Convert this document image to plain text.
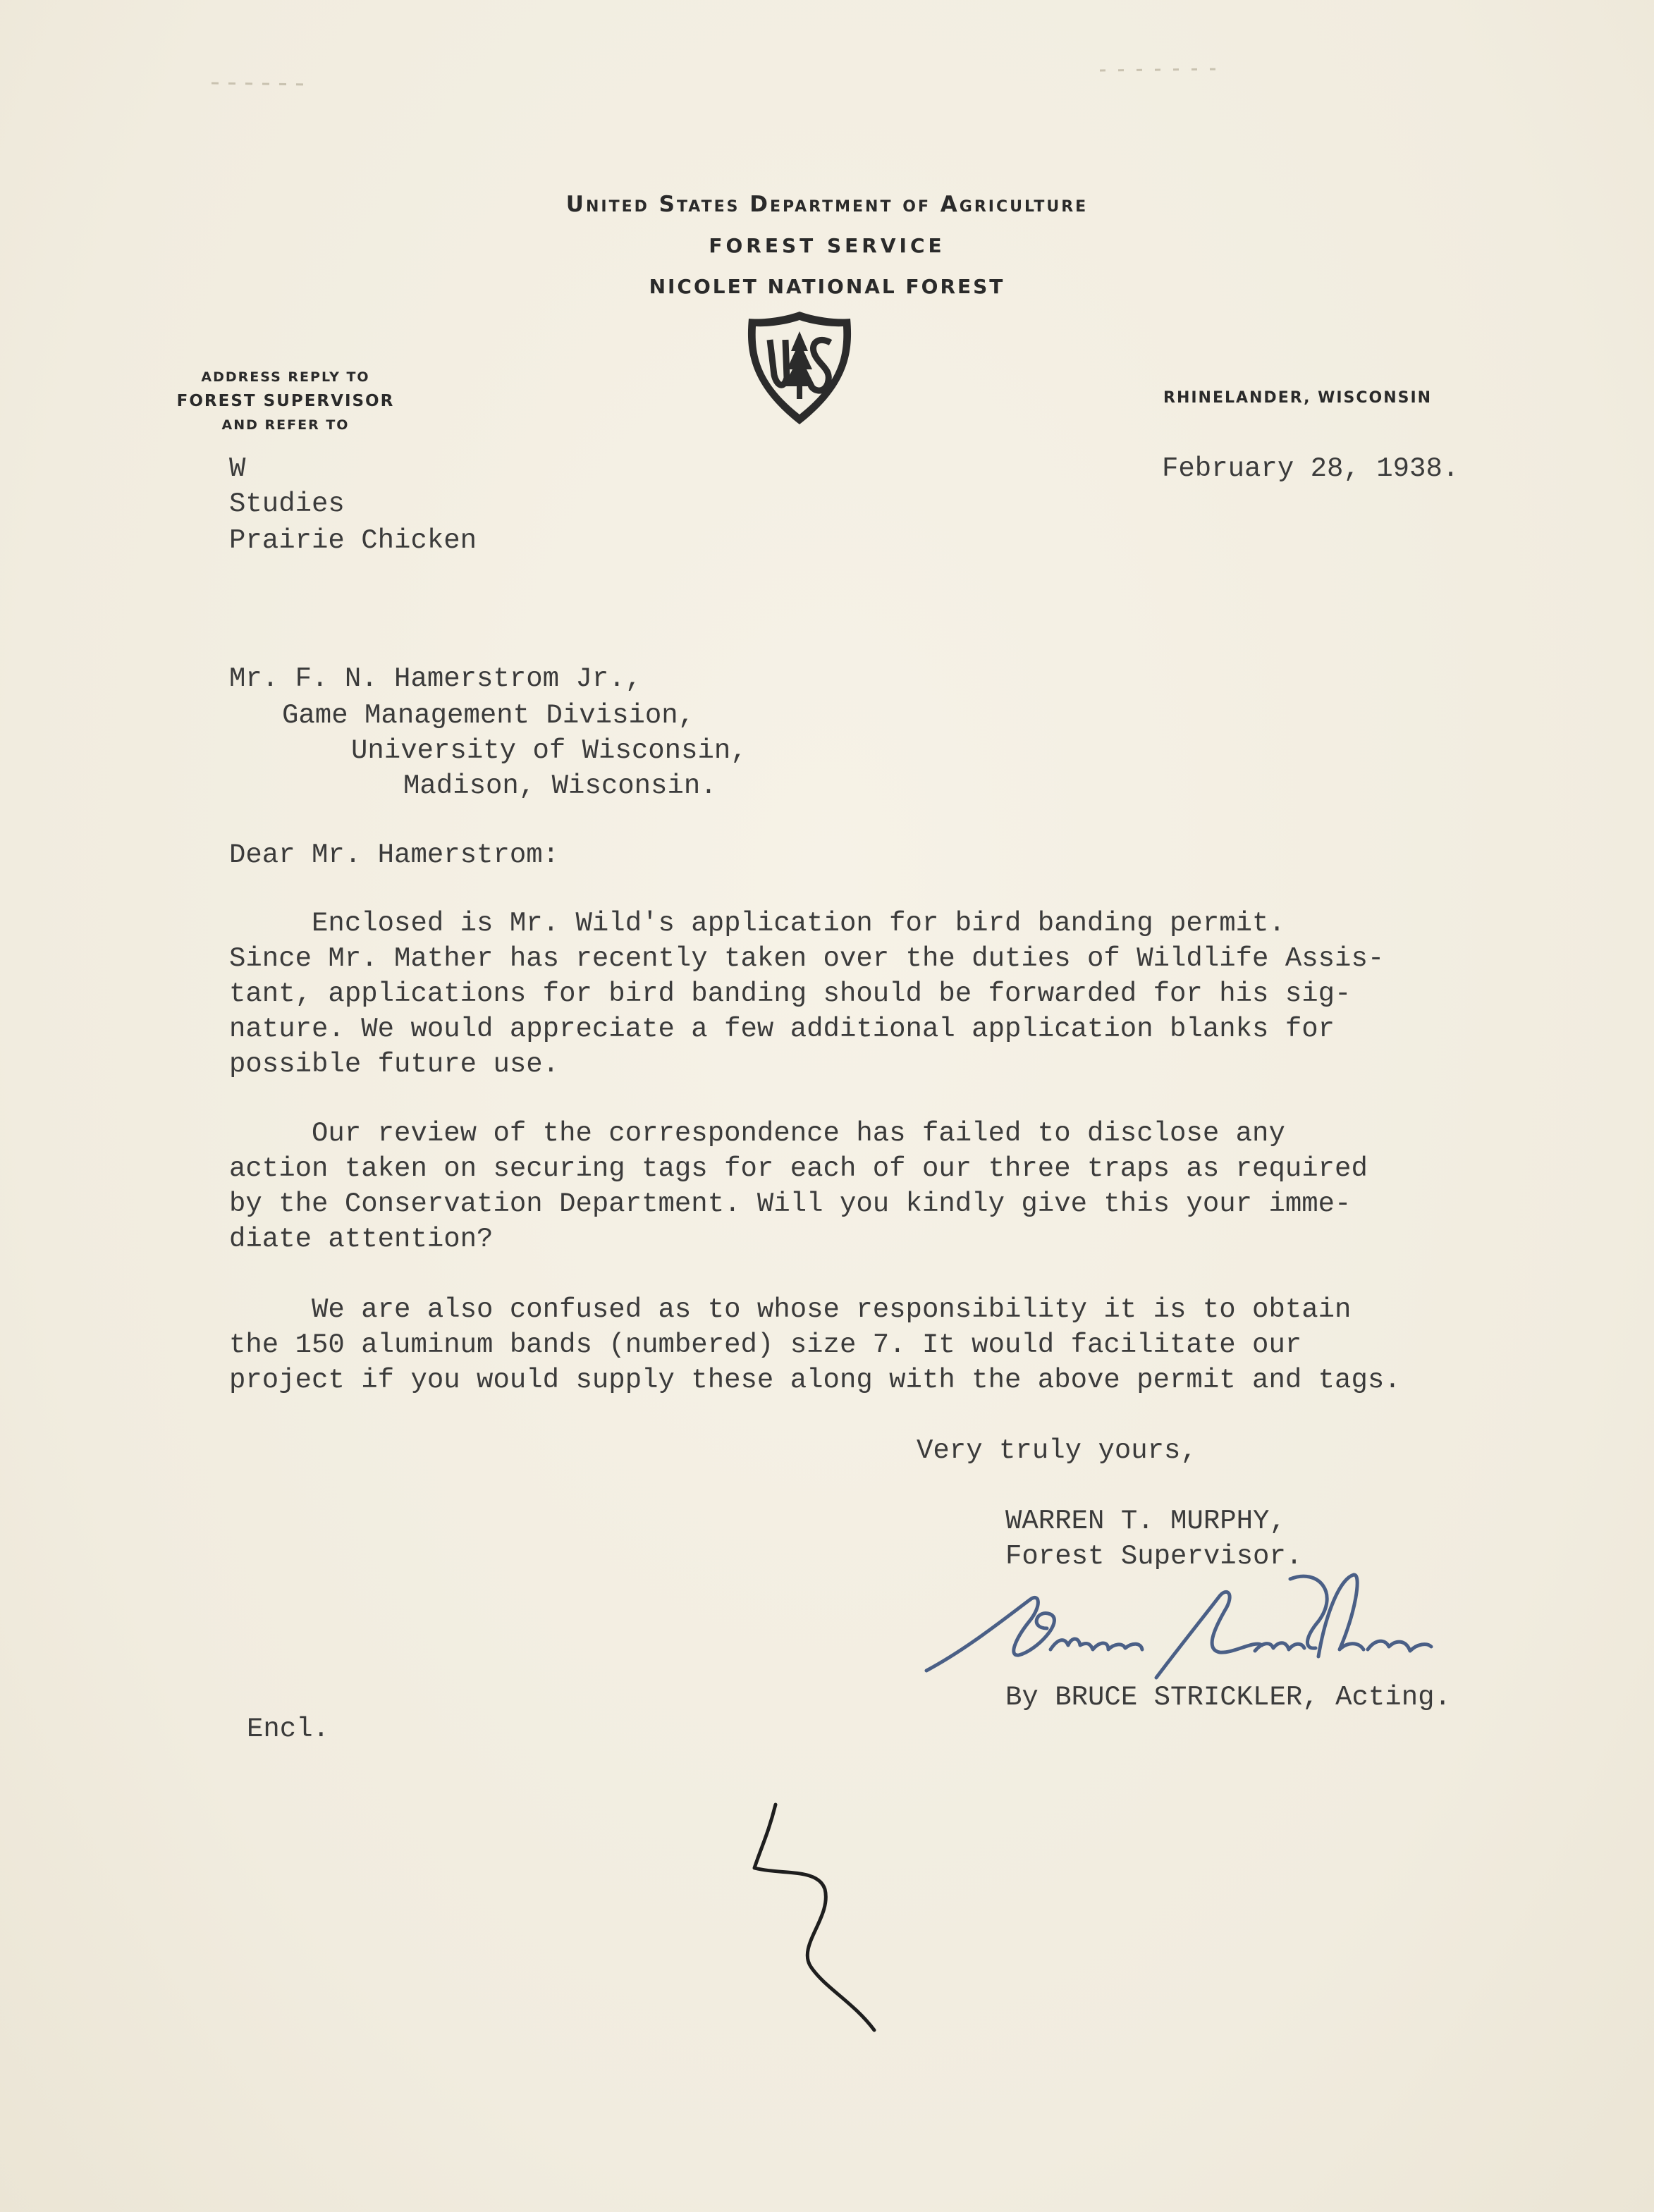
United States Department of Agriculture
FOREST SERVICE
NICOLET NATIONAL FOREST
ADDRESS REPLY TO
FOREST SUPERVISOR
AND REFER TO
RHINELANDER, WISCONSIN
W
Studies
Prairie Chicken
February 28, 1938.
Mr. F. N. Hamerstrom Jr.,
Game Management Division,
University of Wisconsin,
Madison, Wisconsin.
Dear Mr. Hamerstrom:
Enclosed is Mr. Wild's application for bird banding permit.
Since Mr. Mather has recently taken over the duties of Wildlife Assis-
tant, applications for bird banding should be forwarded for his sig-
nature. We would appreciate a few additional application blanks for
possible future use.
Our review of the correspondence has failed to disclose any
action taken on securing tags for each of our three traps as required
by the Conservation Department. Will you kindly give this your imme-
diate attention?
We are also confused as to whose responsibility it is to obtain
the 150 aluminum bands (numbered) size 7. It would facilitate our
project if you would supply these along with the above permit and tags.
Very truly yours,
WARREN T. MURPHY,
Forest Supervisor.
By BRUCE STRICKLER, Acting.
Encl.
